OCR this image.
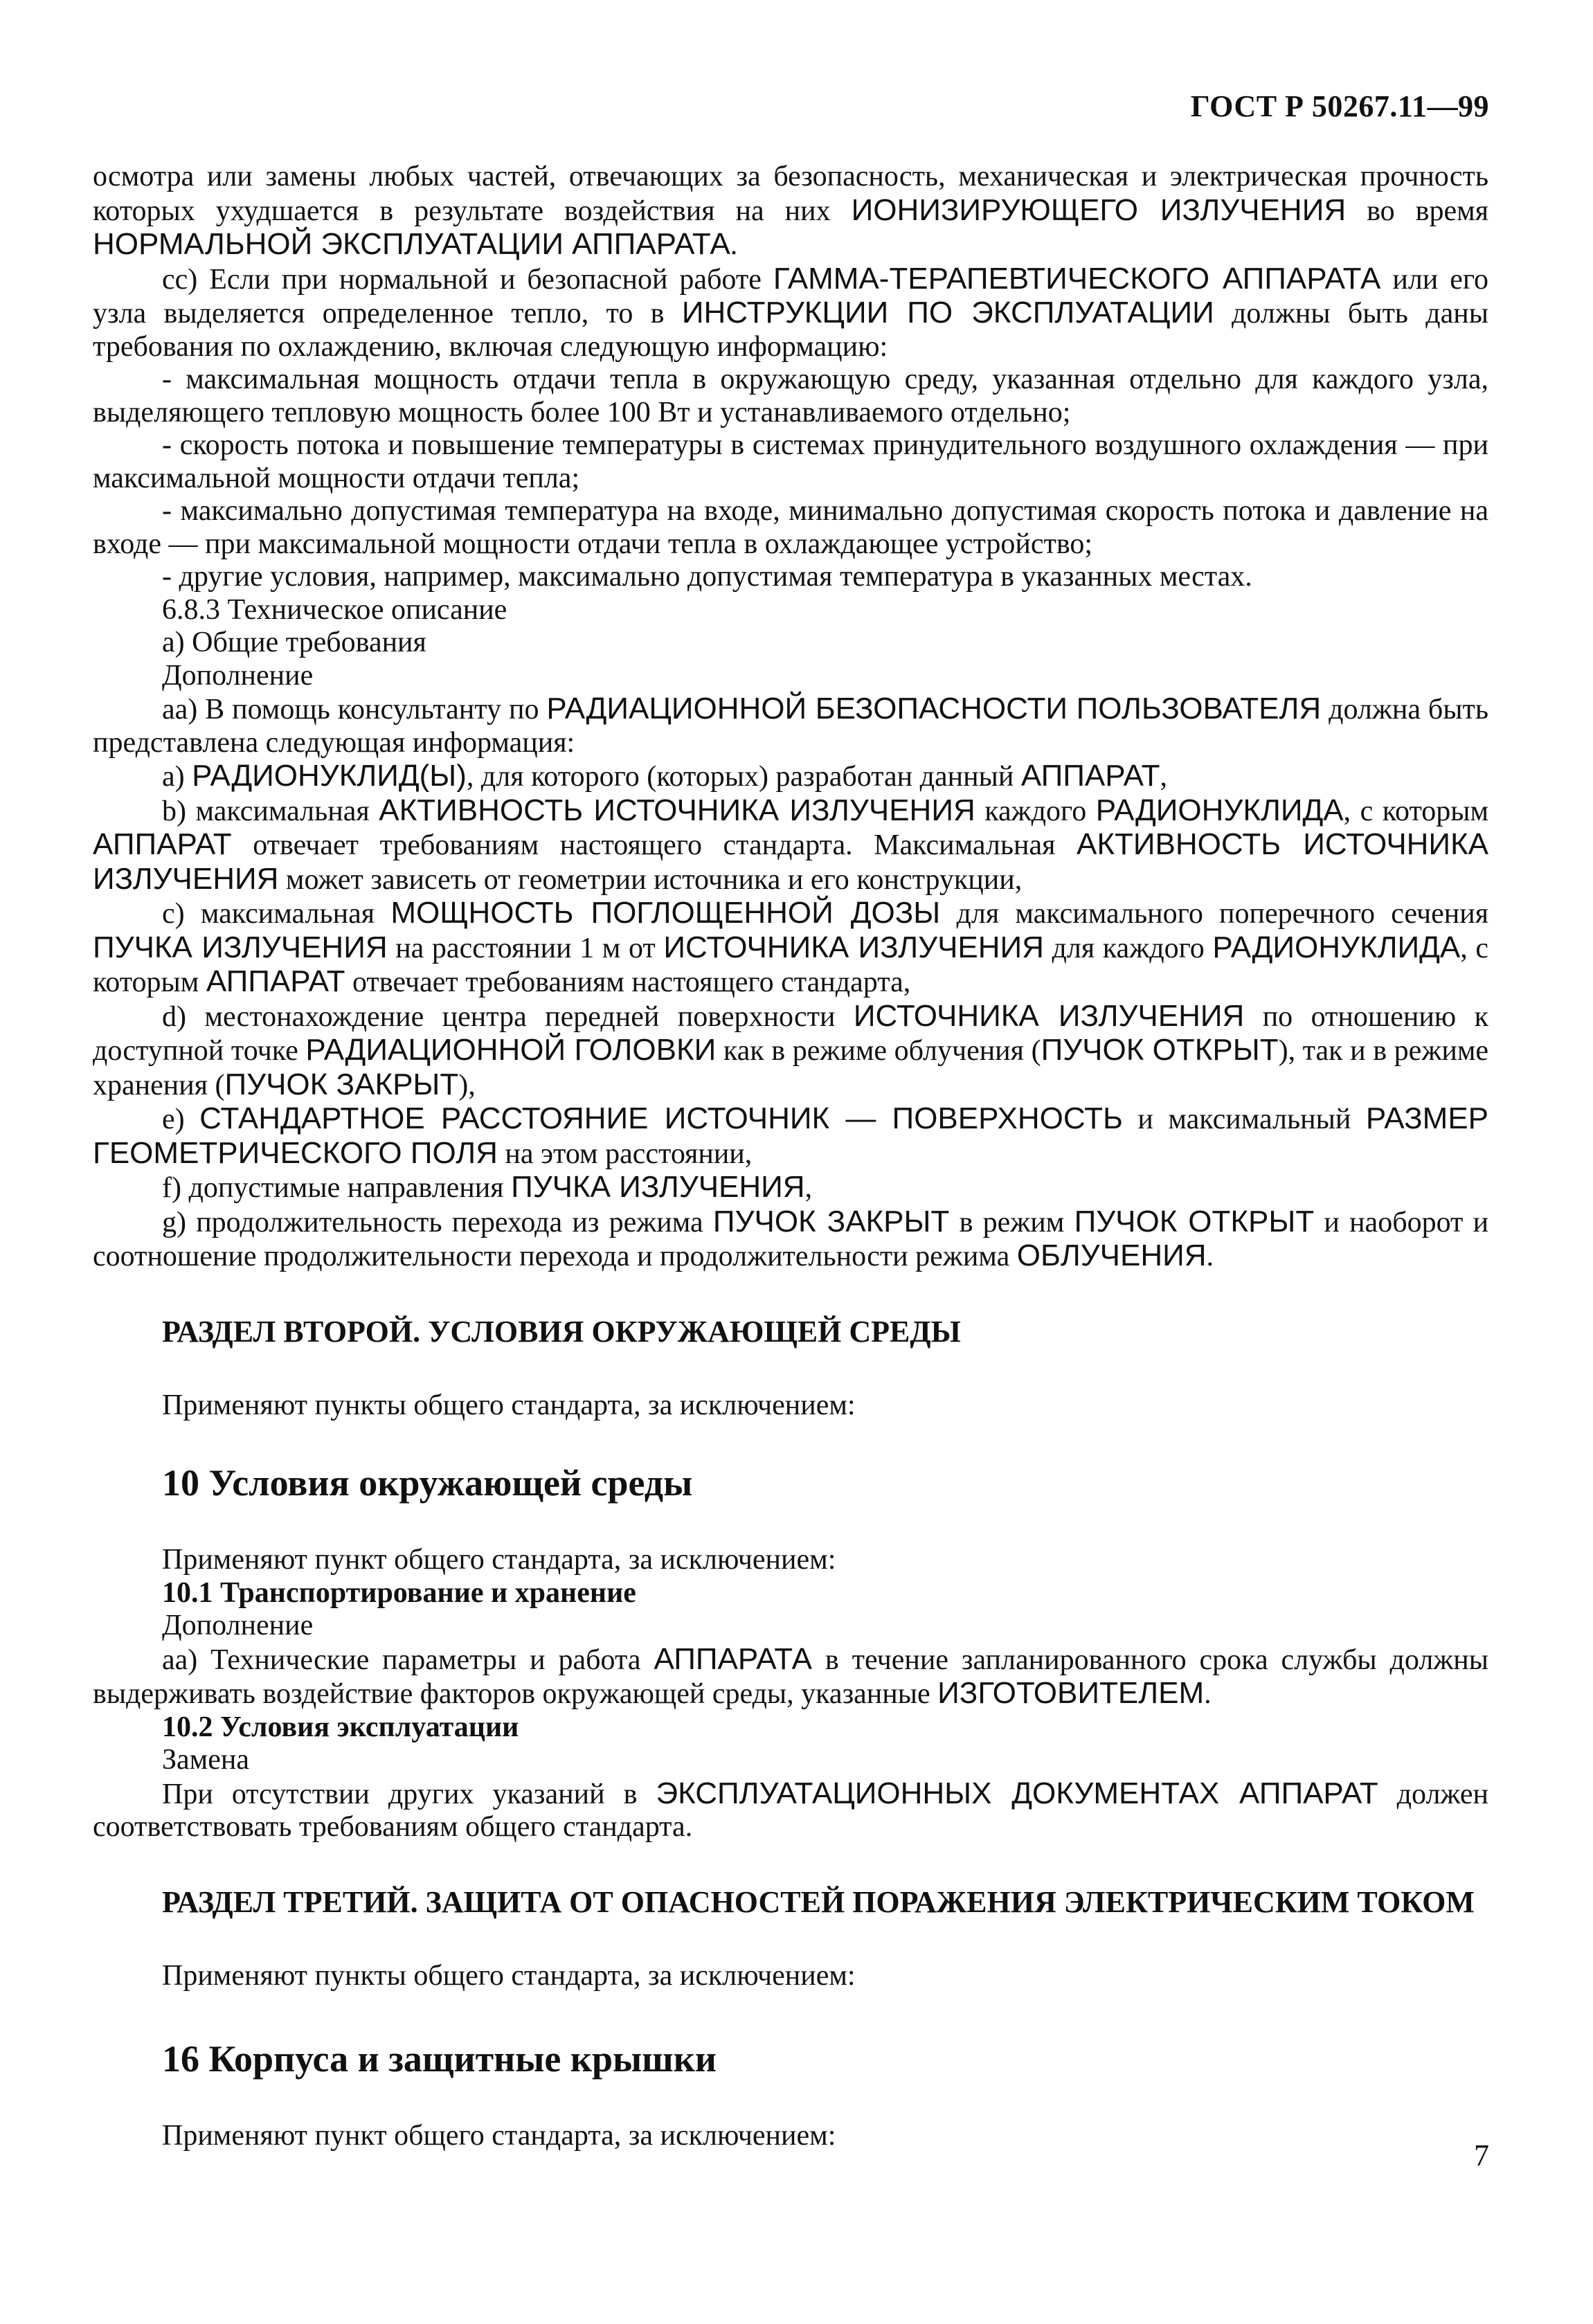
ГОСТ Р 50267.11—99

осмотра или замены любых частей, отвечающих за безопасность, механическая и электрическая прочность которых ухудшается в результате воздействия на них ИОНИЗИРУЮЩЕГО ИЗЛУЧЕНИЯ во время НОРМАЛЬНОЙ ЭКСПЛУАТАЦИИ АППАРАТА.

сс) Если при нормальной и безопасной работе ГАММА-ТЕРАПЕВТИЧЕСКОГО АППАРАТА или его узла выделяется определенное тепло, то в ИНСТРУКЦИИ ПО ЭКСПЛУАТАЦИИ должны быть даны требования по охлаждению, включая следующую информацию:

- максимальная мощность отдачи тепла в окружающую среду, указанная отдельно для каждого узла, выделяющего тепловую мощность более 100 Вт и устанавливаемого отдельно;

- скорость потока и повышение температуры в системах принудительного воздушного охлаждения — при максимальной мощности отдачи тепла;

- максимально допустимая температура на входе, минимально допустимая скорость потока и давление на входе — при максимальной мощности отдачи тепла в охлаждающее устройство;

- другие условия, например, максимально допустимая температура в указанных местах.

6.8.3 Техническое описание

а) Общие требования

Дополнение

аа) В помощь консультанту по РАДИАЦИОННОЙ БЕЗОПАСНОСТИ ПОЛЬЗОВАТЕЛЯ должна быть представлена следующая информация:

а) РАДИОНУКЛИД(Ы), для которого (которых) разработан данный АППАРАТ,

b) максимальная АКТИВНОСТЬ ИСТОЧНИКА ИЗЛУЧЕНИЯ каждого РАДИОНУКЛИДА, с которым АППАРАТ отвечает требованиям настоящего стандарта. Максимальная АКТИВНОСТЬ ИСТОЧНИКА ИЗЛУЧЕНИЯ может зависеть от геометрии источника и его конструкции,

с) максимальная МОЩНОСТЬ ПОГЛОЩЕННОЙ ДОЗЫ для максимального поперечного сечения ПУЧКА ИЗЛУЧЕНИЯ на расстоянии 1 м от ИСТОЧНИКА ИЗЛУЧЕНИЯ для каждого РАДИОНУКЛИДА, с которым АППАРАТ отвечает требованиям настоящего стандарта,

d) местонахождение центра передней поверхности ИСТОЧНИКА ИЗЛУЧЕНИЯ по отношению к доступной точке РАДИАЦИОННОЙ ГОЛОВКИ как в режиме облучения (ПУЧОК ОТКРЫТ), так и в режиме хранения (ПУЧОК ЗАКРЫТ),

е) СТАНДАРТНОЕ РАССТОЯНИЕ ИСТОЧНИК — ПОВЕРХНОСТЬ и максимальный РАЗМЕР ГЕОМЕТРИЧЕСКОГО ПОЛЯ на этом расстоянии,

f) допустимые направления ПУЧКА ИЗЛУЧЕНИЯ,

g) продолжительность перехода из режима ПУЧОК ЗАКРЫТ в режим ПУЧОК ОТКРЫТ и наоборот и соотношение продолжительности перехода и продолжительности режима ОБЛУЧЕНИЯ.

РАЗДЕЛ ВТОРОЙ. УСЛОВИЯ ОКРУЖАЮЩЕЙ СРЕДЫ

Применяют пункты общего стандарта, за исключением:

10 Условия окружающей среды

Применяют пункт общего стандарта, за исключением:

10.1 Транспортирование и хранение

Дополнение

аа) Технические параметры и работа АППАРАТА в течение запланированного срока службы должны выдерживать воздействие факторов окружающей среды, указанные ИЗГОТОВИТЕЛЕМ.

10.2 Условия эксплуатации

Замена

При отсутствии других указаний в ЭКСПЛУАТАЦИОННЫХ ДОКУМЕНТАХ АППАРАТ должен соответствовать требованиям общего стандарта.

РАЗДЕЛ ТРЕТИЙ. ЗАЩИТА ОТ ОПАСНОСТЕЙ ПОРАЖЕНИЯ ЭЛЕКТРИЧЕСКИМ ТОКОМ

Применяют пункты общего стандарта, за исключением:

16 Корпуса и защитные крышки

Применяют пункт общего стандарта, за исключением:

7
